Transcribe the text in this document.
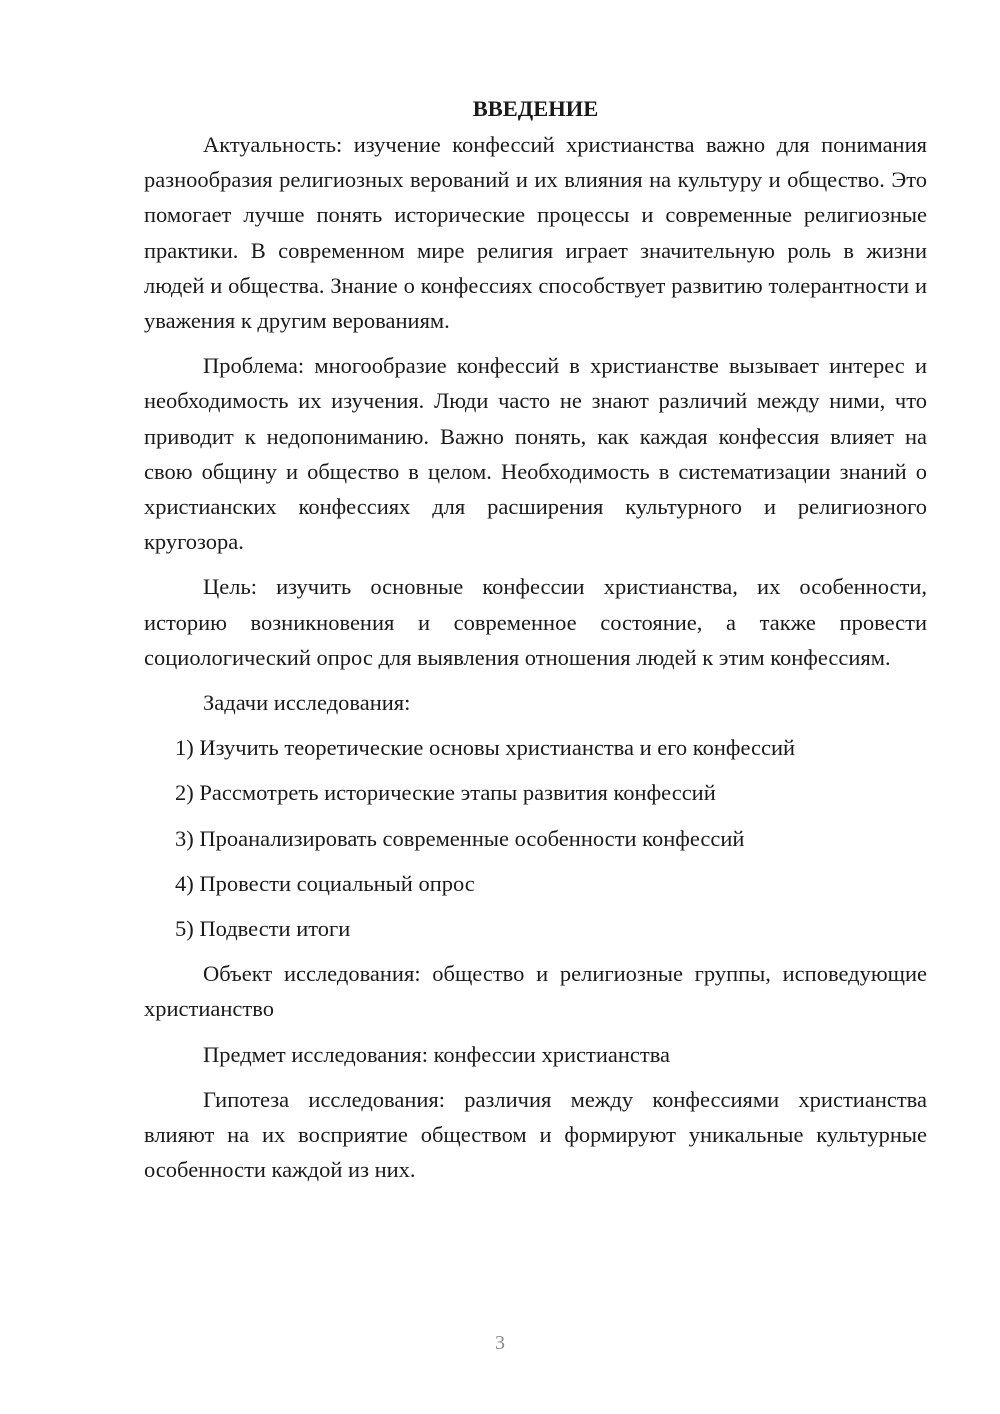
ВВЕДЕНИЕ

Актуальность: изучение конфессий христианства важно для понимания разнообразия религиозных верований и их влияния на культуру и общество. Это помогает лучше понять исторические процессы и современные религиозные практики. В современном мире религия играет значительную роль в жизни людей и общества. Знание о конфессиях способствует развитию толерантности и уважения к другим верованиям.

Проблема: многообразие конфессий в христианстве вызывает интерес и необходимость их изучения. Люди часто не знают различий между ними, что приводит к недопониманию. Важно понять, как каждая конфессия влияет на свою общину и общество в целом. Необходимость в систематизации знаний о христианских конфессиях для расширения культурного и религиозного кругозора.

Цель: изучить основные конфессии христианства, их особенности, историю возникновения и современное состояние, а также провести социологический опрос для выявления отношения людей к этим конфессиям.

Задачи исследования:

1) Изучить теоретические основы христианства и его конфессий
2) Рассмотреть исторические этапы развития конфессий
3) Проанализировать современные особенности конфессий
4) Провести социальный опрос
5) Подвести итоги

Объект исследования: общество и религиозные группы, исповедующие христианство

Предмет исследования: конфессии христианства

Гипотеза исследования: различия между конфессиями христианства влияют на их восприятие обществом и формируют уникальные культурные особенности каждой из них.

3
